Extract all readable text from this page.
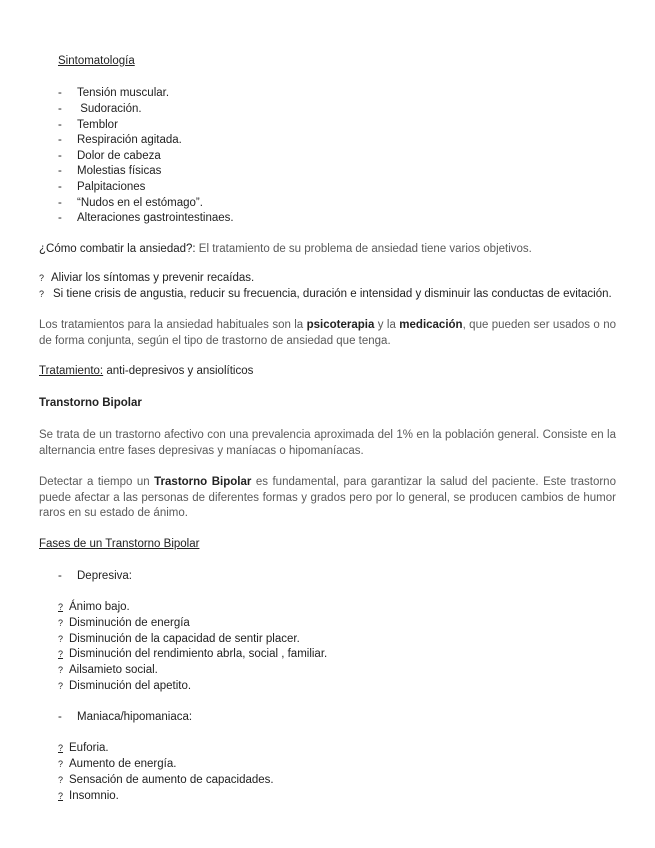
Sintomatología
- Tensión muscular.
- Sudoración.
- Temblor
- Respiración agitada.
- Dolor de cabeza
- Molestias físicas
- Palpitaciones
- “Nudos en el estómago”.
- Alteraciones gastrointestinaes.
¿Cómo combatir la ansiedad?: El tratamiento de su problema de ansiedad tiene varios objetivos.
? Aliviar los síntomas y prevenir recaídas.
? Si tiene crisis de angustia, reducir su frecuencia, duración e intensidad y disminuir las conductas de evitación.
Los tratamientos para la ansiedad habituales son la psicoterapia y la medicación, que pueden ser usados o no de forma conjunta, según el tipo de trastorno de ansiedad que tenga.
Tratamiento: anti-depresivos y ansiolíticos
Transtorno Bipolar
Se trata de un trastorno afectivo con una prevalencia aproximada del 1% en la población general. Consiste en la alternancia entre fases depresivas y maníacas o hipomaníacas.
Detectar a tiempo un Trastorno Bipolar es fundamental, para garantizar la salud del paciente. Este trastorno puede afectar a las personas de diferentes formas y grados pero por lo general, se producen cambios de humor raros en su estado de ánimo.
Fases de un Transtorno Bipolar
- Depresiva:
? Ánimo bajo.
? Disminución de energía
? Disminución de la capacidad de sentir placer.
? Disminución del rendimiento abrla, social , familiar.
? Ailsamieto social.
? Disminución del apetito.
- Maniaca/hipomaniaca:
? Euforia.
? Aumento de energía.
? Sensación de aumento de capacidades.
? Insomnio.
